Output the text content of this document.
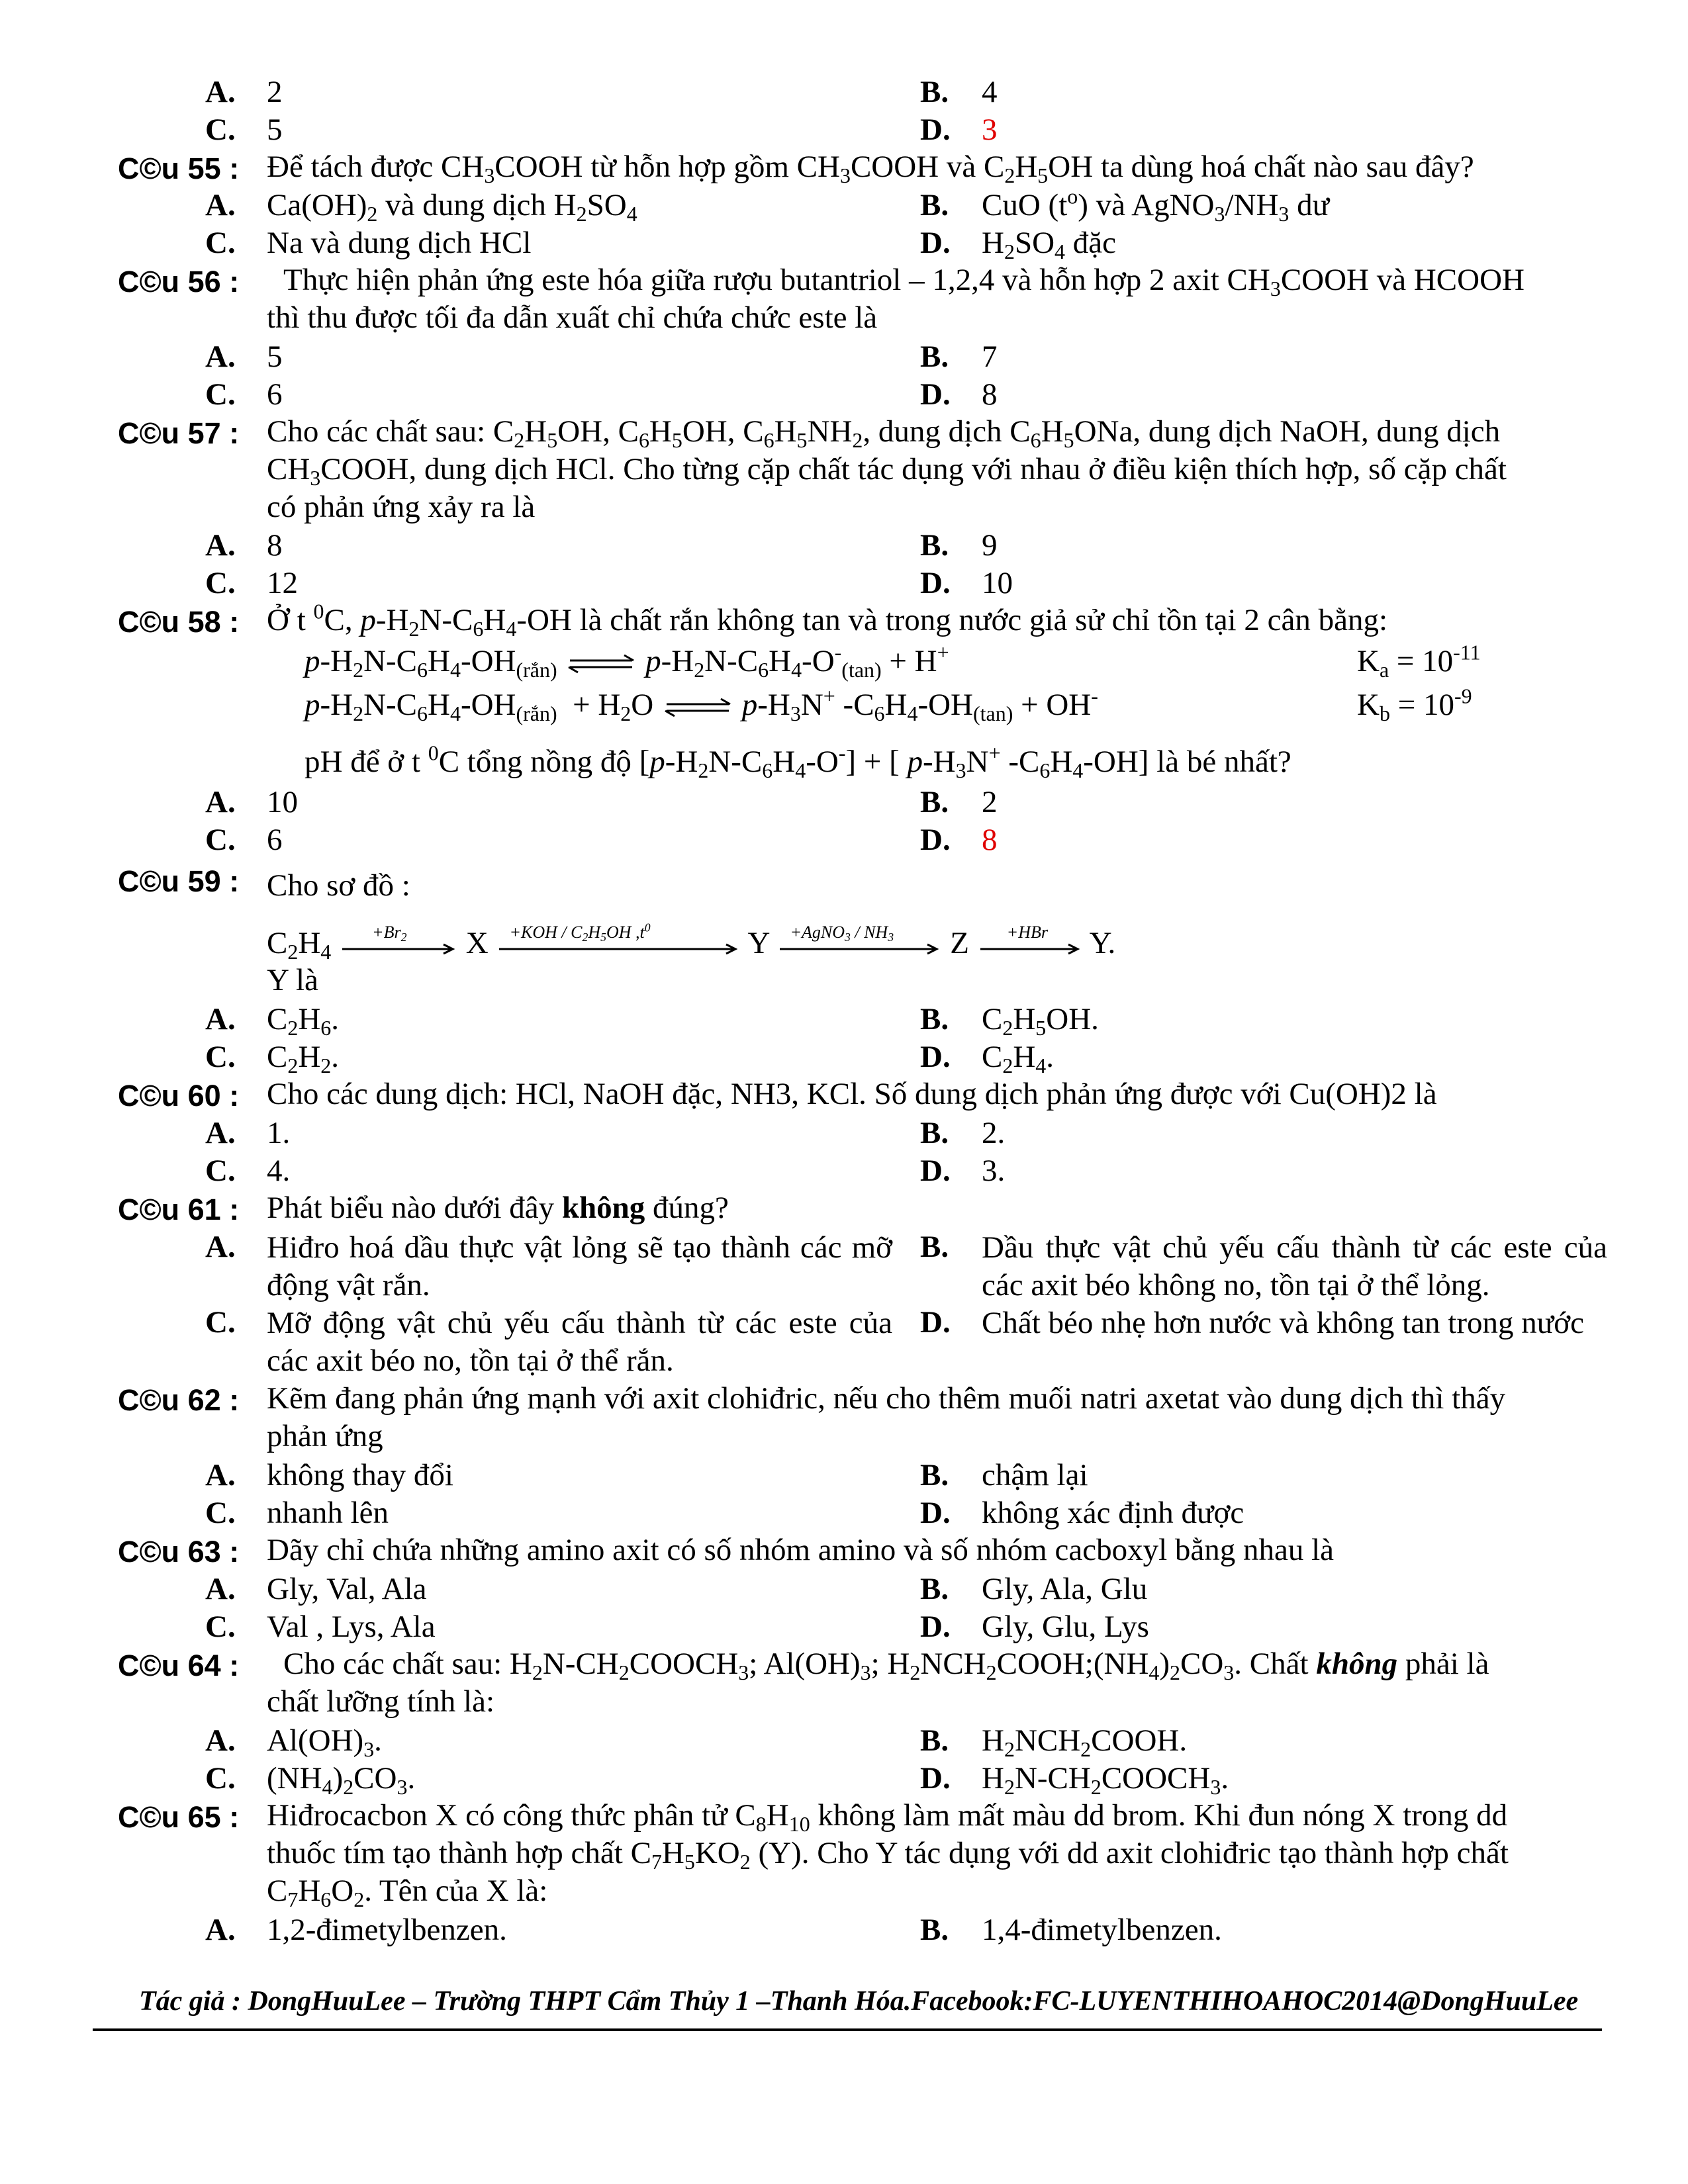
A. 2	B. 4
C. 5	D. 3
C©u 55 : Để tách được $CH_3COOH$ từ hỗn hợp gồm $CH_3COOH$ và $C_2H_5OH$ ta dùng hoá chất nào sau đây?
A. $Ca(OH)_2$ và dung dịch $H_2SO_4$	B. CuO $(t^o)$ và $AgNO_3/NH_3$ dư
C. Na và dung dịch HCl	D. $H_2SO_4$ đặc
C©u 56 : Thực hiện phản ứng este hóa giữa rượu butantriol – 1,2,4 và hỗn hợp 2 axit $CH_3COOH$ và HCOOH
thì thu được tối đa dẫn xuất chỉ chứa chức este là
A. 5	B. 7
C. 6	D. 8
C©u 57 : Cho các chất sau: $C_2H_5OH$, $C_6H_5OH$, $C_6H_5NH_2$, dung dịch $C_6H_5ONa$, dung dịch NaOH, dung dịch
$CH_3COOH$, dung dịch HCl. Cho từng cặp chất tác dụng với nhau ở điều kiện thích hợp, số cặp chất
có phản ứng xảy ra là
A. 8	B. 9
C. 12	D. 10
C©u 58 : Ở t $^0$C, $p-H_2N-C_6H_4-OH$ là chất rắn không tan và trong nước giả sử chỉ tồn tại 2 cân bằng:
$p-H_2N-C_6H_4-OH_{(rắn)}$ ⇌ $p-H_2N-C_6H_4-O^-_{(tan)} + H^+$	$K_a = 10^{-11}$
$p-H_2N-C_6H_4-OH_{(rắn)} + H_2O$ ⇌ $p-H_3N^+$ $-C_6H_4-OH_{(tan)} + OH^-$	$K_b = 10^{-9}$
pH để ở t $^0$C tổng nồng độ $[p-H_2N-C_6H_4-O^-]$ + [ $p-H_3N^+$ $-C_6H_4-OH$] là bé nhất?
A. 10	B. 2
C. 6	D. 8
C©u 59 : Cho sơ đồ :
$C_2H_4$
$+Br_2$ $X +KOH / C_2H_5OH$ $,t^0$	Y +AgNO$_3$ / $NH_3$ Z +HBr Y.
Y là
A. $C_2H_6$.	B. $C_2H_5OH$.
C. $C_2H_2$.	D. $C_2H_4$.
C©u 60 : Cho các dung dịch: HCl, NaOH đặc, NH3, KCl. Số dung dịch phản ứng được với Cu(OH)2 là
A. 1.	B. 2.
C. 4.	D. 3.
C©u 61 : Phát biểu nào dưới đây không đúng?
A. Hiđro hoá dầu thực vật lỏng sẽ tạo thành các mỡ động vật rắn.
B. Dầu thực vật chủ yếu cấu thành từ các este của các axit béo không no, tồn tại ở thể lỏng.
C. Mỡ động vật chủ yếu cấu thành từ các este của các axit béo no, tồn tại ở thể rắn.
D. Chất béo nhẹ hơn nước và không tan trong nước
C©u 62 : Kẽm đang phản ứng mạnh với axit clohiđric, nếu cho thêm muối natri axetat vào dung dịch thì thấy
phản ứng
A. không thay đổi	B. chậm lại
C. nhanh lên	D. không xác định được
C©u 63 : Dãy chỉ chứa những amino axit có số nhóm amino và số nhóm cacboxyl bằng nhau là
A. Gly, Val, Ala	B. Gly, Ala, Glu
C. Val , Lys, Ala	D. Gly, Glu, Lys
C©u 64 : Cho các chất sau: $H_2N-CH_2COOCH_3$; $Al(OH)_3$; $H_2NCH_2COOH;(NH_4)_2CO_3$. Chất không phải là
chất lưỡng tính là:
A. $Al(OH)_3$.	B. $H_2NCH_2COOH$.
C. $(NH_4)_2CO_3$.	D. $H_2N-CH_2COOCH_3$.
C©u 65 : Hiđrocacbon X có công thức phân tử $C_8H_{10}$ không làm mất màu dd brom. Khi đun nóng X trong dd
thuốc tím tạo thành hợp chất $C_7H_5KO_2$ (Y). Cho Y tác dụng với dd axit clohiđric tạo thành hợp chất
$C_7H_6O_2$. Tên của X là:
A. 1,2-đimetylbenzen.	B. 1,4-đimetylbenzen.
Tác giả : DongHuuLee – Trường THPT Cẩm Thủy 1 –Thanh Hóa.Facebook:FC-LUYENTHIHOAHOC2014@DongHuuLee
